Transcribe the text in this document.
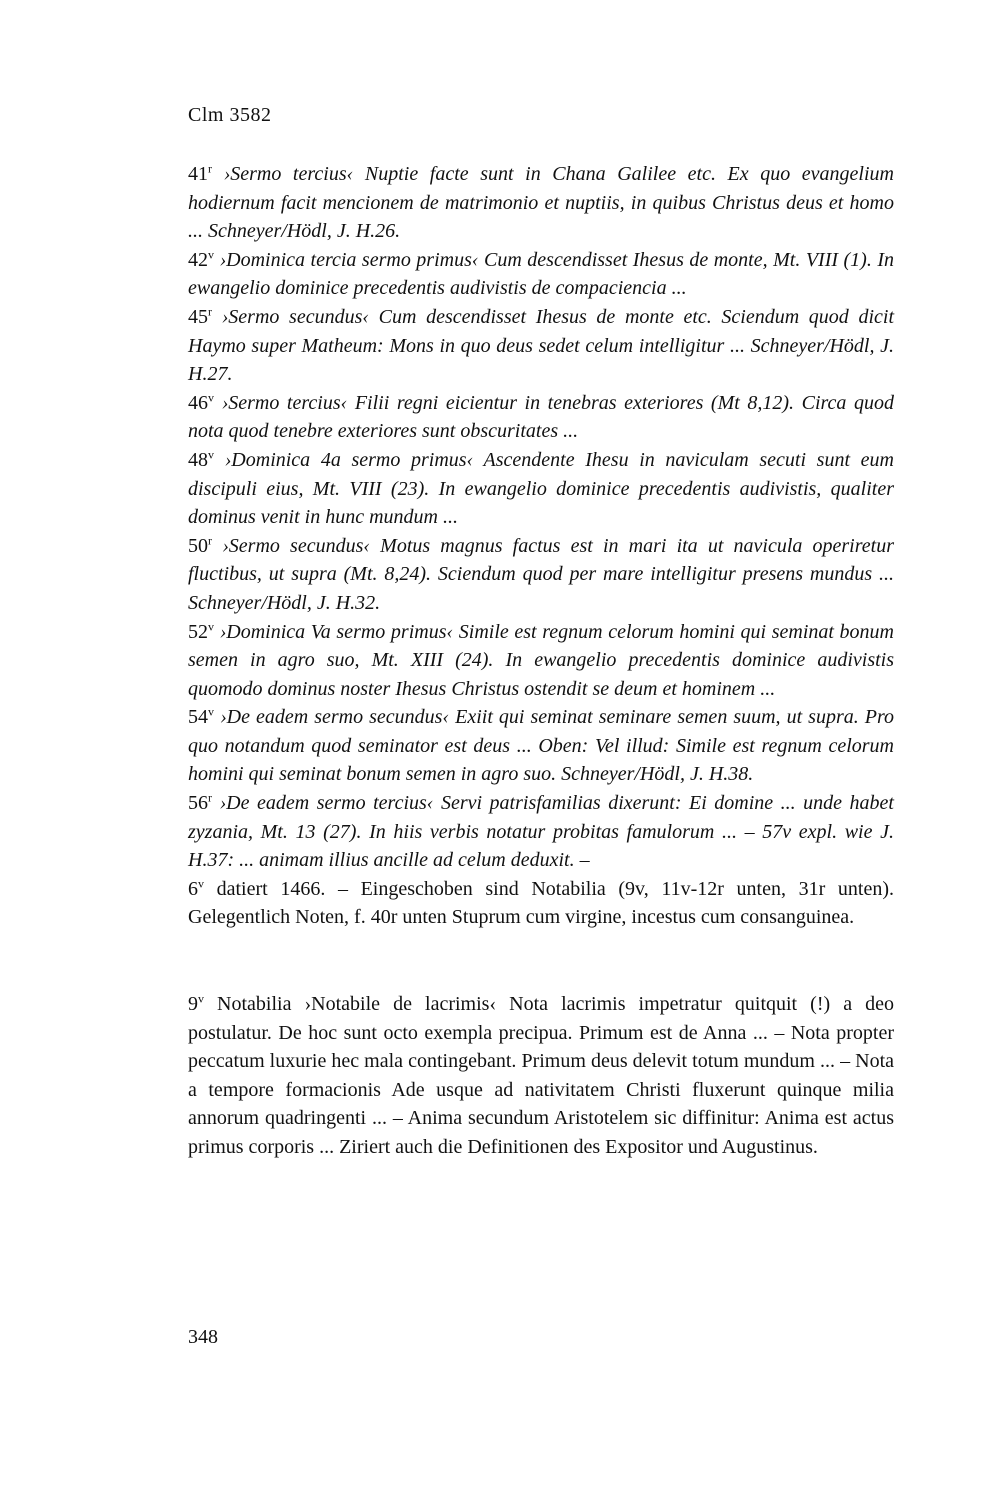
Clm 3582

41$^r$ ›Sermo tercius‹ Nuptie facte sunt in Chana Galilee etc. Ex quo evangelium hodiernum facit mencionem de matrimonio et nuptiis, in quibus Christus deus et homo ... Schneyer/Hödl, J. H.26.

42$^v$ ›Dominica tercia sermo primus‹ Cum descendisset Ihesus de monte, Mt. VIII (1). In ewangelio dominice precedentis audivistis de compaciencia ...

45$^r$ ›Sermo secundus‹ Cum descendisset Ihesus de monte etc. Sciendum quod dicit Haymo super Matheum: Mons in quo deus sedet celum intelligitur ... Schneyer/Hödl, J. H.27.

46$^v$ ›Sermo tercius‹ Filii regni eicientur in tenebras exteriores (Mt 8,12). Circa quod nota quod tenebre exteriores sunt obscuritates ...

48$^v$ ›Dominica 4a sermo primus‹ Ascendente Ihesu in naviculam secuti sunt eum discipuli eius, Mt. VIII (23). In ewangelio dominice precedentis audivistis, qualiter dominus venit in hunc mundum ...

50$^r$ ›Sermo secundus‹ Motus magnus factus est in mari ita ut navicula operiretur fluctibus, ut supra (Mt. 8,24). Sciendum quod per mare intelligitur presens mundus ... Schneyer/Hödl, J. H.32.

52$^v$ ›Dominica Va sermo primus‹ Simile est regnum celorum homini qui seminat bonum semen in agro suo, Mt. XIII (24). In ewangelio precedentis dominice audivistis quomodo dominus noster Ihesus Christus ostendit se deum et hominem ...

54$^v$ ›De eadem sermo secundus‹ Exiit qui seminat seminare semen suum, ut supra. Pro quo notandum quod seminator est deus ... Oben: Vel illud: Simile est regnum celorum homini qui seminat bonum semen in agro suo. Schneyer/Hödl, J. H.38.

56$^r$ ›De eadem sermo tercius‹ Servi patrisfamilias dixerunt: Ei domine ... unde habet zyzania, Mt. 13 (27). In hiis verbis notatur probitas famulorum ... – 57v expl. wie J. H.37: ... animam illius ancille ad celum deduxit. –

6$^v$ datiert 1466. – Eingeschoben sind Notabilia (9v, 11v-12r unten, 31r unten). Gelegentlich Noten, f. 40r unten Stuprum cum virgine, incestus cum consanguinea.

9$^v$ Notabilia ›Notabile de lacrimis‹ Nota lacrimis impetratur quitquit (!) a deo postulatur. De hoc sunt octo exempla precipua. Primum est de Anna ... – Nota propter peccatum luxurie hec mala contingebant. Primum deus delevit totum mundum ... – Nota a tempore formacionis Ade usque ad nativitatem Christi fluxerunt quinque milia annorum quadringenti ... – Anima secundum Aristotelem sic diffinitur: Anima est actus primus corporis ... Ziriert auch die Definitionen des Expositor und Augustinus.

348
